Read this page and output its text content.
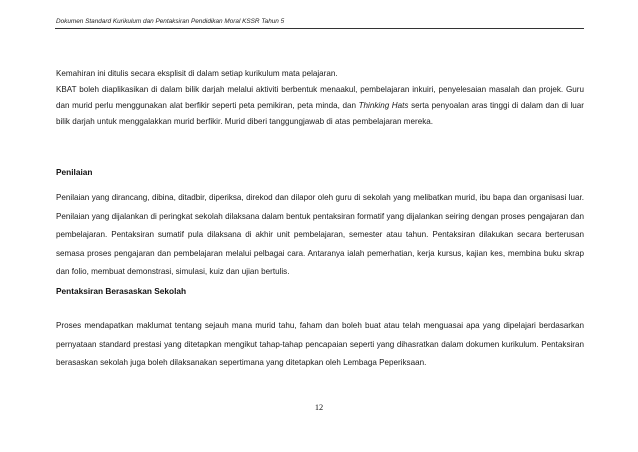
Dokumen Standard Kurikulum dan Pentaksiran Pendidikan Moral KSSR Tahun 5

Kemahiran ini ditulis secara eksplisit di dalam setiap kurikulum mata pelajaran.

KBAT boleh diaplikasikan di dalam bilik darjah melalui aktiviti berbentuk menaakul, pembelajaran inkuiri, penyelesaian masalah dan projek. Guru dan murid perlu menggunakan alat berfikir seperti peta pemikiran, peta minda, dan Thinking Hats serta penyoalan aras tinggi di dalam dan di luar bilik darjah untuk menggalakkan murid berfikir. Murid diberi tanggungjawab di atas pembelajaran mereka.

Penilaian

Penilaian yang dirancang, dibina, ditadbir, diperiksa, direkod dan dilapor oleh guru di sekolah yang melibatkan murid, ibu bapa dan organisasi luar. Penilaian yang dijalankan di peringkat sekolah dilaksana dalam bentuk pentaksiran formatif yang dijalankan seiring dengan proses pengajaran dan pembelajaran. Pentaksiran sumatif pula dilaksana di akhir unit pembelajaran, semester atau tahun. Pentaksiran dilakukan secara berterusan semasa proses pengajaran dan pembelajaran melalui pelbagai cara. Antaranya ialah pemerhatian, kerja kursus, kajian kes, membina buku skrap dan folio, membuat demonstrasi, simulasi, kuiz dan ujian bertulis.

Pentaksiran Berasaskan Sekolah

Proses mendapatkan maklumat tentang sejauh mana murid tahu, faham dan boleh buat atau telah menguasai apa yang dipelajari berdasarkan pernyataan standard prestasi yang ditetapkan mengikut tahap-tahap pencapaian seperti yang dihasratkan dalam dokumen kurikulum. Pentaksiran berasaskan sekolah juga boleh dilaksanakan sepertimana yang ditetapkan oleh Lembaga Peperiksaan.

12
